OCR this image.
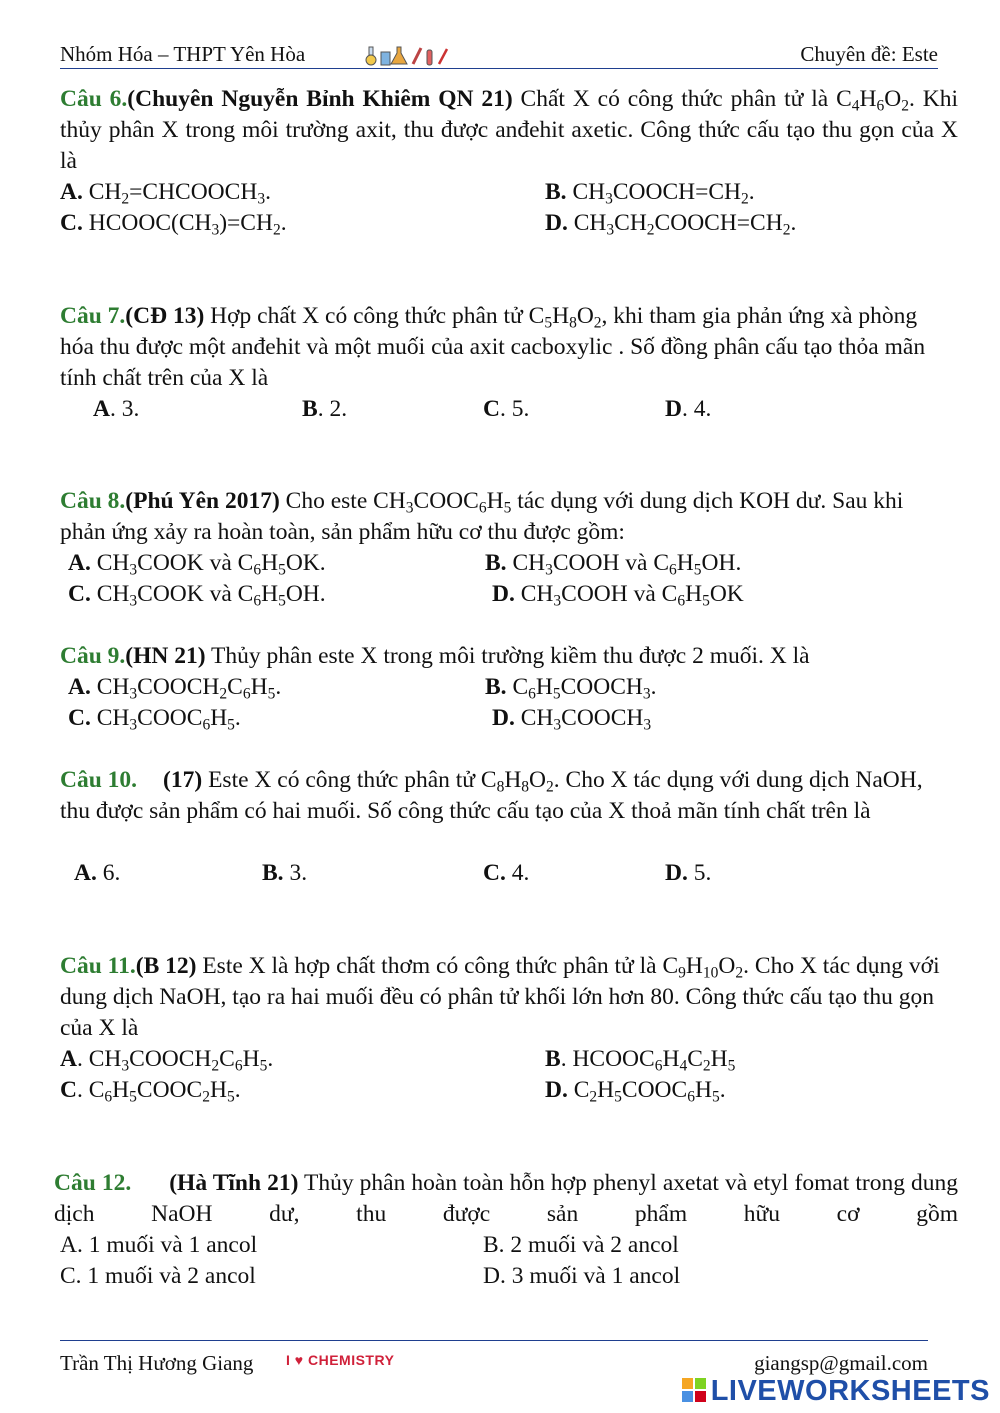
Nhóm Hóa – THPT Yên Hòa	Chuyên đề: Este

Câu 6.(Chuyên Nguyễn Bỉnh Khiêm QN 21) Chất X có công thức phân tử là $C_4H_6O_2$. Khi thủy phân X trong môi trường axit, thu được anđehit axetic. Công thức cấu tạo thu gọn của X là

A. $CH_2=CHCOOCH_3$.	B. $CH_3COOCH=CH_2$.
C. $HCOOC(CH_3)=CH_2$.	D. $CH_3CH_2COOCH=CH_2$.

Câu 7.(CĐ 13) Hợp chất X có công thức phân tử $C_5H_8O_2$, khi tham gia phản ứng xà phòng hóa thu được một anđehit và một muối của axit cacboxylic . Số đồng phân cấu tạo thỏa mãn tính chất trên của X là

A. 3.	B. 2.	C. 5.	D. 4.

Câu 8.(Phú Yên 2017) Cho este $CH_3COOC_6H_5$ tác dụng với dung dịch KOH dư. Sau khi phản ứng xảy ra hoàn toàn, sản phẩm hữu cơ thu được gồm:

A. $CH_3COOK$ và $C_6H_5OK$.	B. $CH_3COOH$ và $C_6H_5OH$.
C. $CH_3COOK$ và $C_6H_5OH$.	D. $CH_3COOH$ và $C_6H_5OK$

Câu 9.(HN 21) Thủy phân este X trong môi trường kiềm thu được 2 muối. X là

A. $CH_3COOCH_2C_6H_5$.	B. $C_6H_5COOCH_3$.
C. $CH_3COOC_6H_5$.	D. $CH_3COOCH_3$

Câu 10. (17) Este X có công thức phân tử $C_8H_8O_2$. Cho X tác dụng với dung dịch NaOH, thu được sản phẩm có hai muối. Số công thức cấu tạo của X thoả mãn tính chất trên là

A. 6.	B. 3.	C. 4.	D. 5.

Câu 11.(B 12) Este X là hợp chất thơm có công thức phân tử là $C_9H_{10}O_2$. Cho X tác dụng với dung dịch NaOH, tạo ra hai muối đều có phân tử khối lớn hơn 80. Công thức cấu tạo thu gọn của X là

A. $CH_3COOCH_2C_6H_5$.	B. $HCOOC_6H_4C_2H_5$
C. $C_6H_5COOC_2H_5$.	D. $C_2H_5COOC_6H_5$.

Câu 12. (Hà Tĩnh 21) Thủy phân hoàn toàn hỗn hợp phenyl axetat và etyl fomat trong dung dịch NaOH dư, thu được sản phẩm hữu cơ gồm

A. 1 muối và 1 ancol	B. 2 muối và 2 ancol
C. 1 muối và 2 ancol	D. 3 muối và 1 ancol
Trần Thị Hương Giang I ♥ CHEMISTRY	giangsp@gmail.com
LIVEWORKSHEETS
